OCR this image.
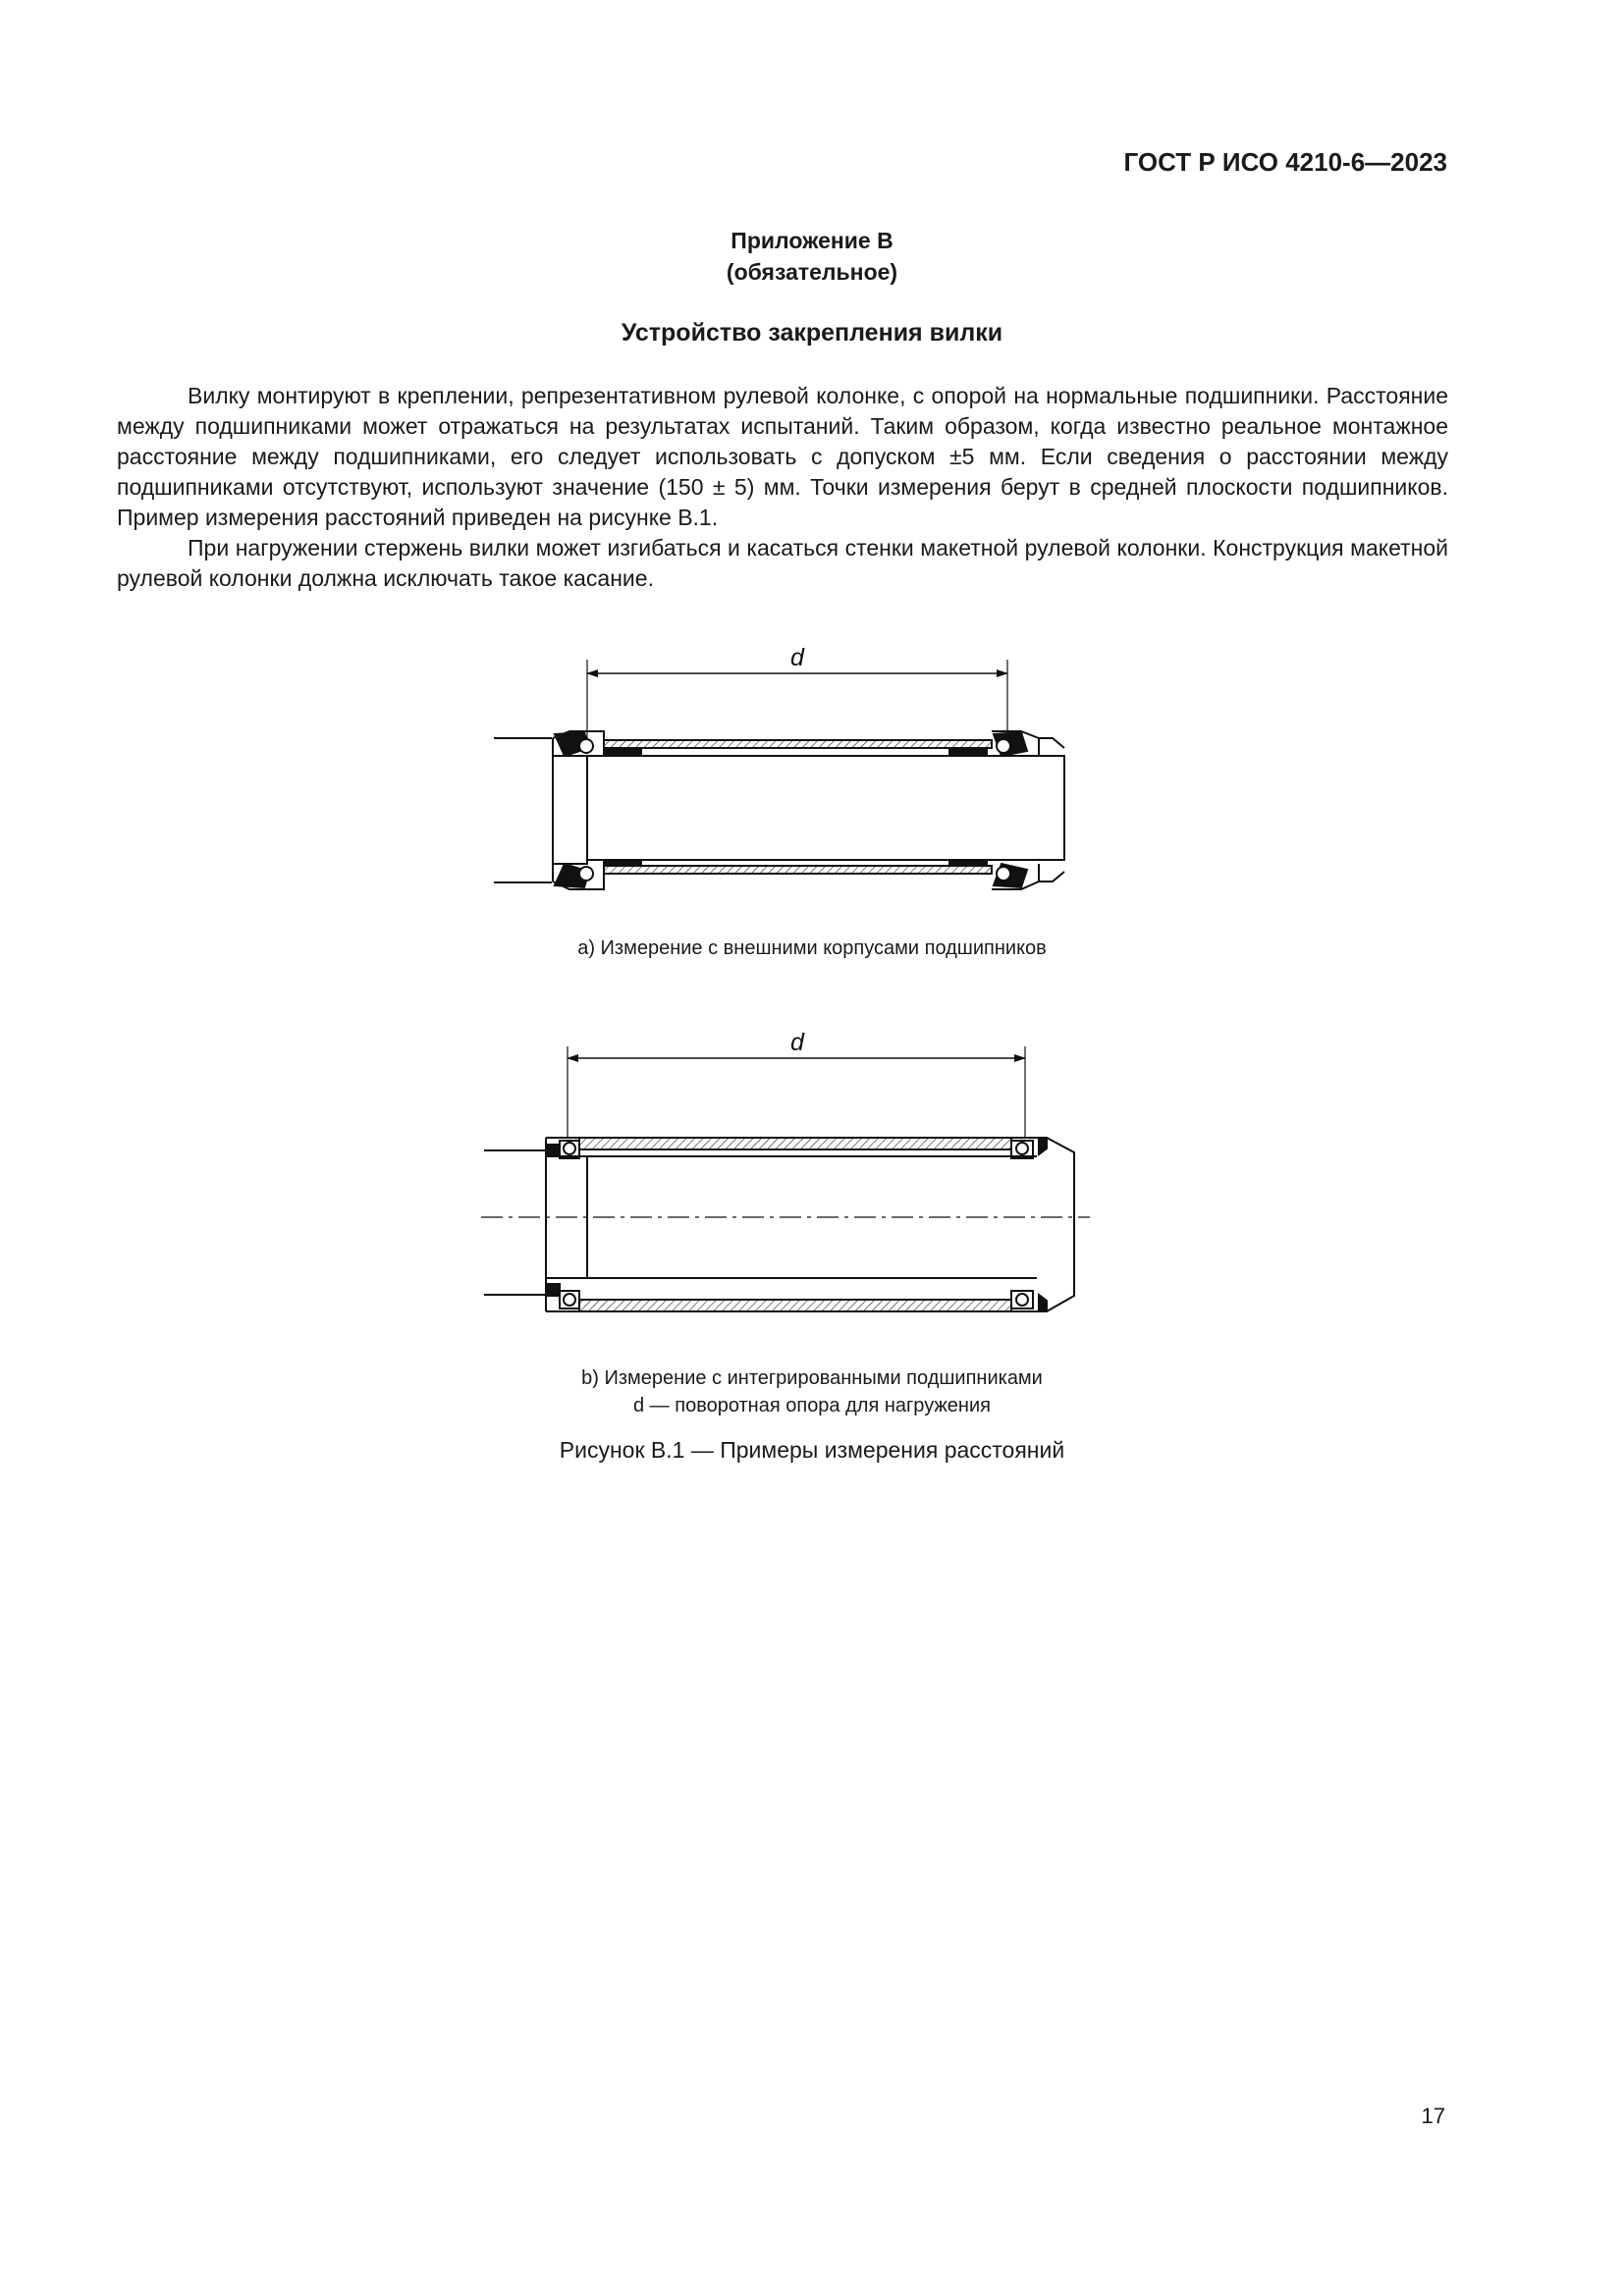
ГОСТ Р ИСО 4210-6—2023
Приложение В
(обязательное)
Устройство закрепления вилки

Вилку монтируют в креплении, репрезентативном рулевой колонке, с опорой на нормальные подшипники. Расстояние между подшипниками может отражаться на результатах испытаний. Таким образом, когда известно реальное монтажное расстояние между подшипниками, его следует использовать с допуском ±5 мм. Если сведения о расстоянии между подшипниками отсутствуют, используют значение (150 ± 5) мм. Точки измерения берут в средней плоскости подшипников. Пример измерения расстояний приведен на рисунке В.1.

При нагружении стержень вилки может изгибаться и касаться стенки макетной рулевой колонки. Конструкция макетной рулевой колонки должна исключать такое касание.

d
d
a) Измерение с внешними корпусами подшипников
b) Измерение с интегрированными подшипниками
d — поворотная опора для нагружения
Рисунок В.1 — Примеры измерения расстояний
17
